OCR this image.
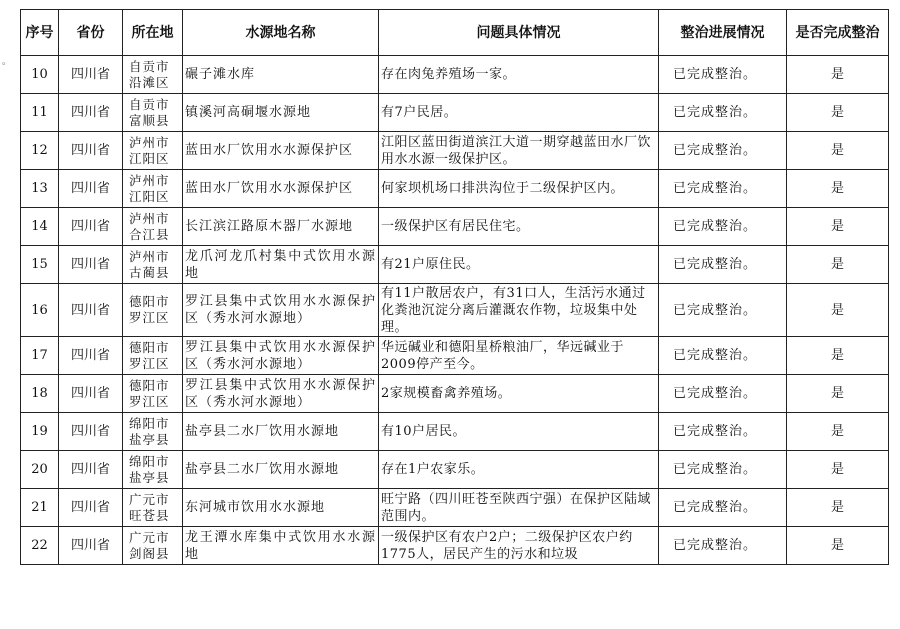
。
序号	省份	所在地	水源地名称	问题具体情况	整治进展情况	是否完成整治
10	四川省	自贡市沿滩区	碾子滩水库	存在肉兔养殖场一家。	已完成整治。	是
11	四川省	自贡市富顺县	镇溪河高硐堰水源地	有7户民居。	已完成整治。	是
12	四川省	泸州市江阳区	蓝田水厂饮用水水源保护区	江阳区蓝田街道滨江大道一期穿越蓝田水厂饮用水水源一级保护区。	已完成整治。	是
13	四川省	泸州市江阳区	蓝田水厂饮用水水源保护区	何家坝机场口排洪沟位于二级保护区内。	已完成整治。	是
14	四川省	泸州市合江县	长江滨江路原木器厂水源地	一级保护区有居民住宅。	已完成整治。	是
15	四川省	泸州市古蔺县	龙爪河龙爪村集中式饮用水源地	有21户原住民。	已完成整治。	是
16	四川省	德阳市罗江区	罗江县集中式饮用水水源保护区（秀水河水源地）	有11户散居农户，有31口人，生活污水通过化粪池沉淀分离后灌溉农作物，垃圾集中处理。	已完成整治。	是
17	四川省	德阳市罗江区	罗江县集中式饮用水水源保护区（秀水河水源地）	华远碱业和德阳星桥粮油厂，华远碱业于2009停产至今。	已完成整治。	是
18	四川省	德阳市罗江区	罗江县集中式饮用水水源保护区（秀水河水源地）	2家规模畜禽养殖场。	已完成整治。	是
19	四川省	绵阳市盐亭县	盐亭县二水厂饮用水源地	有10户居民。	已完成整治。	是
20	四川省	绵阳市盐亭县	盐亭县二水厂饮用水源地	存在1户农家乐。	已完成整治。	是
21	四川省	广元市旺苍县	东河城市饮用水水源地	旺宁路（四川旺苍至陕西宁强）在保护区陆域范围内。	已完成整治。	是
22	四川省	广元市剑阁县	龙王潭水库集中式饮用水水源地	一级保护区有农户2户；二级保护区农户约1775人，居民产生的污水和垃圾	已完成整治。	是
